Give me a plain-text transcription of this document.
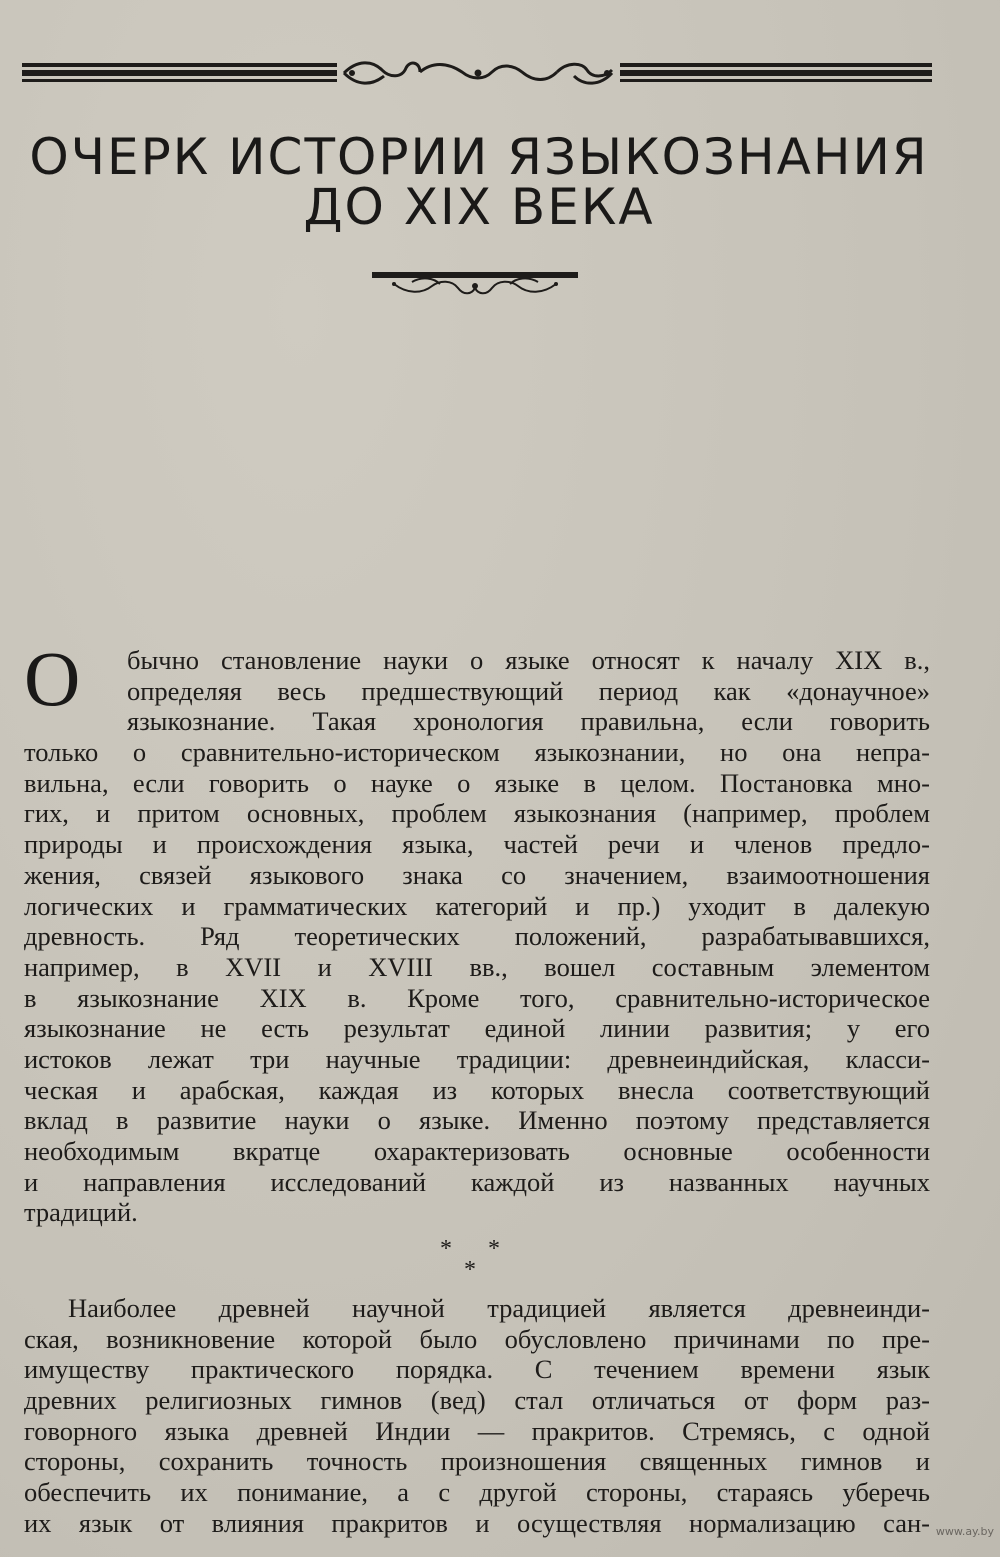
ОЧЕРК ИСТОРИИ ЯЗЫКОЗНАНИЯ
ДО XIX ВЕКА
О	бычно становление науки о языке относят к началу XIX в.,
определяя весь предшествующий период как «донаучное»
языкознание. Такая хронология правильна, если говорить
только о сравнительно-историческом языкознании, но она непра-
вильна, если говорить о науке о языке в целом. Постановка мно-
гих, и притом основных, проблем языкознания (например, проблем
природы и происхождения языка, частей речи и членов предло-
жения, связей языкового знака со значением, взаимоотношения
логических и грамматических категорий и пр.) уходит в далекую
древность. Ряд теоретических положений, разрабатывавшихся,
например, в XVII и XVIII вв., вошел составным элементом
в языкознание XIX в. Кроме того, сравнительно-историческое
языкознание не есть результат единой линии развития; у его
истоков лежат три научные традиции: древнеиндийская, класси-
ческая и арабская, каждая из которых внесла соответствующий
вклад в развитие науки о языке. Именно поэтому представляется
необходимым вкратце охарактеризовать основные особенности
и направления исследований каждой из названных научных
традиций.
*      *
*
Наиболее древней научной традицией является древнеинди-
ская, возникновение которой было обусловлено причинами по пре-
имуществу практического порядка. С течением времени язык
древних религиозных гимнов (вед) стал отличаться от форм раз-
говорного языка древней Индии — пракритов. Стремясь, с одной
стороны, сохранить точность произношения священных гимнов и
обеспечить их понимание, а с другой стороны, стараясь уберечь
их язык от влияния пракритов и осуществляя нормализацию сан- www.ay.by
